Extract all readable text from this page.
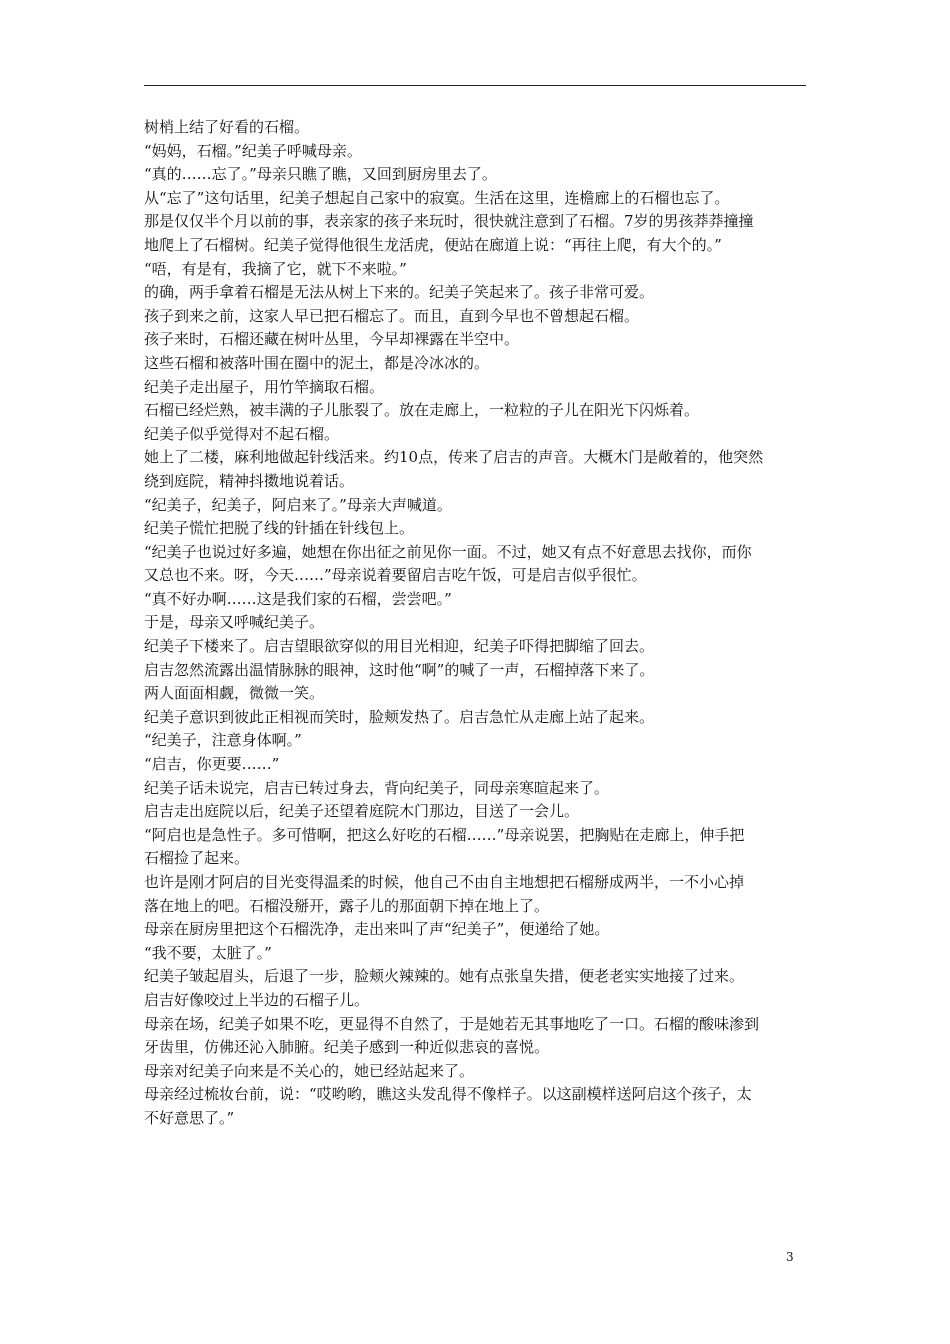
树梢上结了好看的石榴。
“妈妈，石榴。”纪美子呼喊母亲。
“真的……忘了。”母亲只瞧了瞧，又回到厨房里去了。
从“忘了”这句话里，纪美子想起自己家中的寂寞。生活在这里，连檐廊上的石榴也忘了。
那是仅仅半个月以前的事，表亲家的孩子来玩时，很快就注意到了石榴。7岁的男孩莽莽撞撞
地爬上了石榴树。纪美子觉得他很生龙活虎，便站在廊道上说：“再往上爬，有大个的。”
“唔，有是有，我摘了它，就下不来啦。”
的确，两手拿着石榴是无法从树上下来的。纪美子笑起来了。孩子非常可爱。
孩子到来之前，这家人早已把石榴忘了。而且，直到今早也不曾想起石榴。
孩子来时，石榴还藏在树叶丛里，今早却裸露在半空中。
这些石榴和被落叶围在圈中的泥土，都是冷冰冰的。
纪美子走出屋子，用竹竿摘取石榴。
石榴已经烂熟，被丰满的子儿胀裂了。放在走廊上，一粒粒的子儿在阳光下闪烁着。
纪美子似乎觉得对不起石榴。
她上了二楼，麻利地做起针线活来。约10点，传来了启吉的声音。大概木门是敞着的，他突然
绕到庭院，精神抖擞地说着话。
“纪美子，纪美子，阿启来了。”母亲大声喊道。
纪美子慌忙把脱了线的针插在针线包上。
“纪美子也说过好多遍，她想在你出征之前见你一面。不过，她又有点不好意思去找你，而你
又总也不来。呀，今天……”母亲说着要留启吉吃午饭，可是启吉似乎很忙。
“真不好办啊……这是我们家的石榴，尝尝吧。”
于是，母亲又呼喊纪美子。
纪美子下楼来了。启吉望眼欲穿似的用目光相迎，纪美子吓得把脚缩了回去。
启吉忽然流露出温情脉脉的眼神，这时他“啊”的喊了一声，石榴掉落下来了。
两人面面相觑，微微一笑。
纪美子意识到彼此正相视而笑时，脸颊发热了。启吉急忙从走廊上站了起来。
“纪美子，注意身体啊。”
“启吉，你更要……”
纪美子话未说完，启吉已转过身去，背向纪美子，同母亲寒暄起来了。
启吉走出庭院以后，纪美子还望着庭院木门那边，目送了一会儿。
“阿启也是急性子。多可惜啊，把这么好吃的石榴……”母亲说罢，把胸贴在走廊上，伸手把
石榴捡了起来。
也许是刚才阿启的目光变得温柔的时候，他自己不由自主地想把石榴掰成两半，一不小心掉
落在地上的吧。石榴没掰开，露子儿的那面朝下掉在地上了。
母亲在厨房里把这个石榴洗净，走出来叫了声“纪美子”，便递给了她。
“我不要，太脏了。”
纪美子皱起眉头，后退了一步，脸颊火辣辣的。她有点张皇失措，便老老实实地接了过来。
启吉好像咬过上半边的石榴子儿。
母亲在场，纪美子如果不吃，更显得不自然了，于是她若无其事地吃了一口。石榴的酸味渗到
牙齿里，仿佛还沁入肺腑。纪美子感到一种近似悲哀的喜悦。
母亲对纪美子向来是不关心的，她已经站起来了。
母亲经过梳妆台前，说：“哎哟哟，瞧这头发乱得不像样子。以这副模样送阿启这个孩子，太
不好意思了。”
3
